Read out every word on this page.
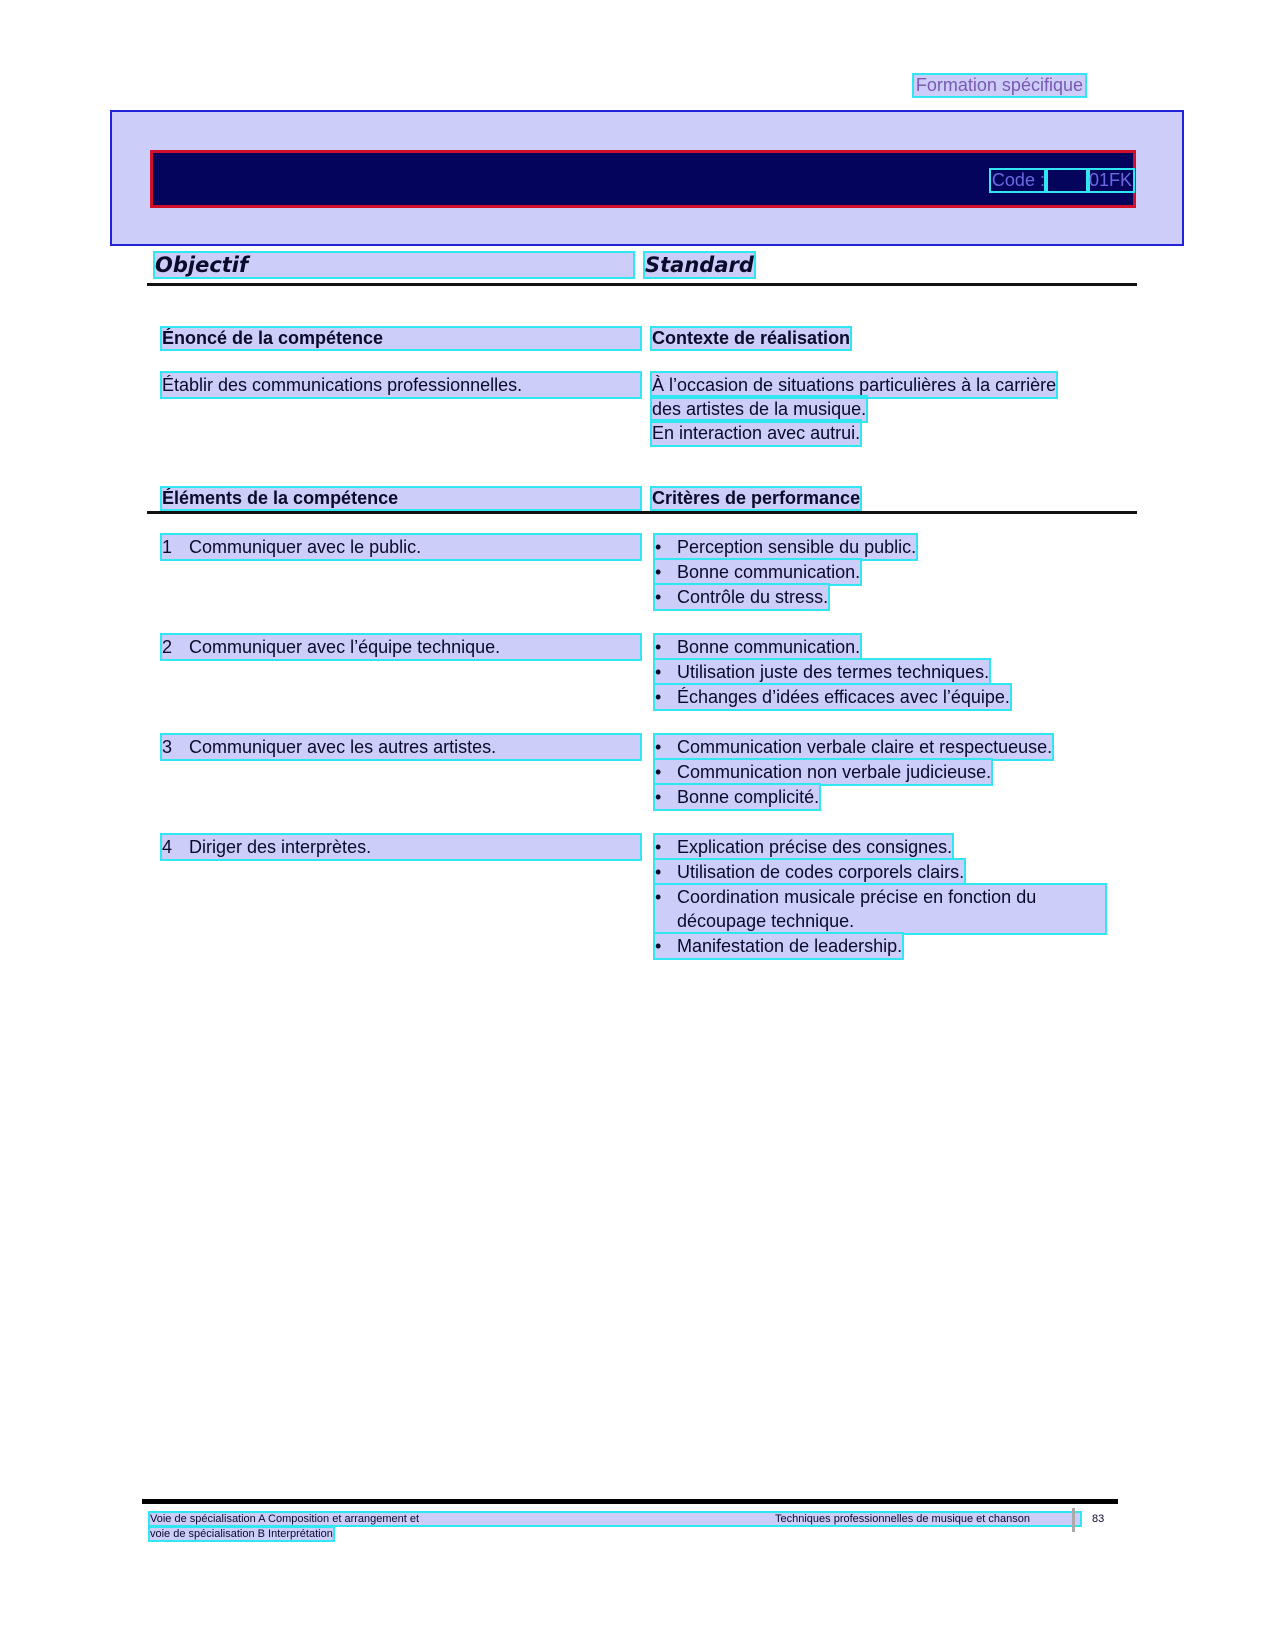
Formation spécifique
Code : 01FK
Objectif	Standard
Énoncé de la compétence	Contexte de réalisation
Établir des communications professionnelles.	À l’occasion de situations particulières à la carrière
des artistes de la musique.
En interaction avec autrui.
Éléments de la compétence	Critères de performance
1 Communiquer avec le public.	• Perception sensible du public.
• Bonne communication.
• Contrôle du stress.
2 Communiquer avec l’équipe technique.	• Bonne communication.
• Utilisation juste des termes techniques.
• Échanges d’idées efficaces avec l’équipe.
3 Communiquer avec les autres artistes.	• Communication verbale claire et respectueuse.
• Communication non verbale judicieuse.
• Bonne complicité.
4 Diriger des interprètes.	• Explication précise des consignes.
• Utilisation de codes corporels clairs.
• Coordination musicale précise en fonction du découpage technique.
• Manifestation de leadership.
Voie de spécialisation A Composition et arrangement et	Techniques professionnelles de musique et chanson	83
voie de spécialisation B Interprétation
